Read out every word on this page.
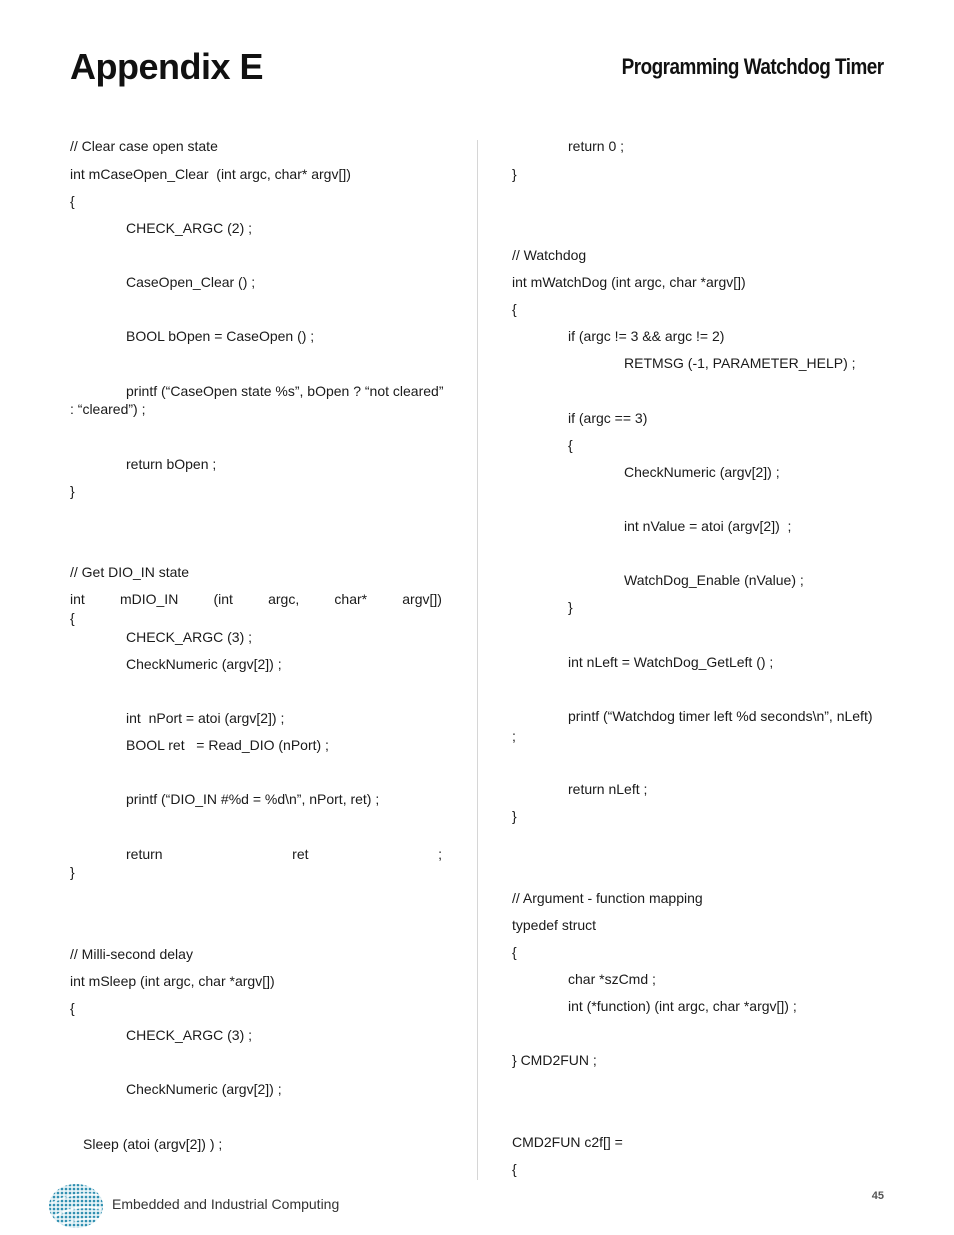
Appendix E	Programming Watchdog Timer
// Clear case open state
int mCaseOpen_Clear  (int argc, char* argv[])
{
CHECK_ARGC (2) ;
CaseOpen_Clear () ;
BOOL bOpen = CaseOpen () ;
printf (“CaseOpen state %s”, bOpen ? “not cleared”
: “cleared”) ;
return bOpen ;
}
// Get DIO_IN state
int	mDIO_IN	(int	argc,	char*	argv[])
{
CHECK_ARGC (3) ;
CheckNumeric (argv[2]) ;
int  nPort = atoi (argv[2]) ;
BOOL ret   = Read_DIO (nPort) ;
printf (“DIO_IN #%d = %d\n”, nPort, ret) ;
return	ret	;
}
// Milli-second delay
int mSleep (int argc, char *argv[])
{
CHECK_ARGC (3) ;
CheckNumeric (argv[2]) ;
Sleep (atoi (argv[2]) ) ;
return 0 ;
}
// Watchdog
int mWatchDog (int argc, char *argv[])
{
if (argc != 3 && argc != 2)
RETMSG (-1, PARAMETER_HELP) ;
if (argc == 3)
{
CheckNumeric (argv[2]) ;
int nValue = atoi (argv[2])  ;
WatchDog_Enable (nValue) ;
}
int nLeft = WatchDog_GetLeft () ;
printf (“Watchdog timer left %d seconds\n”, nLeft)
;
return nLeft ;
}
// Argument - function mapping
typedef struct
{
char *szCmd ;
int (*function) (int argc, char *argv[]) ;
} CMD2FUN ;
CMD2FUN c2f[] =
{
Embedded and Industrial Computing	45
